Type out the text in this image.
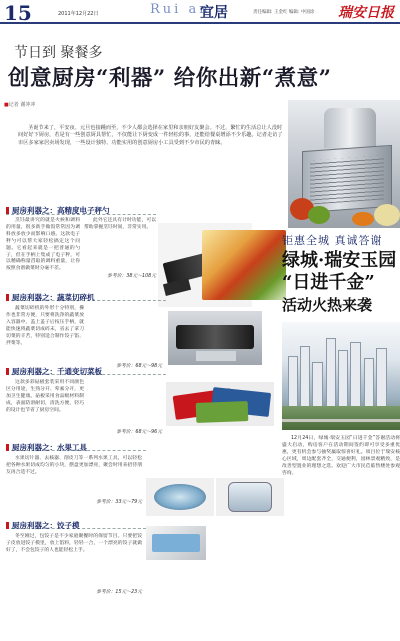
15	2011年12月22日	Rui an
宜居	责任编辑: 王金红 编辑: 中国涂 瑞安日报
节日到 聚餐多
创意厨房“利器” 给你出新“煮意”
■记者 谢冲冲
圣诞节来了，平安夜、元旦也接踵而至，不少人都会选择在家里和亲朋好友聚会。不过，繁忙的生活总让人没时间好好下厨房，若是有一些创意厨具帮忙，不仅能让下厨变成一件轻松的事，还能给餐桌增添不少乐趣。记者走访了市区多家家居卖场发现，一些设计独特、功能实用的创意厨房小工具受到不少市民的青睐。
厨房利器之：高精度电子秤勺
烹饪最讲究的就是火候和调料的用量，很多新手做饭常常因为调料放多放少而影响口感。这款电子秤勺可以帮大家轻松搞定这个问题。它看起来就是一把普通的勺子，但在手柄上集成了电子秤，可以精确称量舀取的调料重量，让你按照食谱做菜时分毫不差。
此外它还具有计时功能，可以帮助掌握烹饪时间，非常实用。
参考价：38元～108元
厨房利器之：蔬菜切碎机
蔬菜切碎机的外形十分特别，操作也非常方便，只要将洗净的蔬菜放入容器中，盖上盖子后按压手柄，就能快速将蔬菜切成碎末，省去了拿刀切菜的辛苦，特别适合制作饺子馅、拌菜等。
参考价：68元～98元
厨房利器之：千通变切菜板
这款多彩砧板套装采用不同颜色区分用途，生熟分开、荤素分开，更加卫生健康。砧板采用食品级材料制成，表面防滑耐切，清洗方便，轻巧的设计也节省了厨房空间。
参考价：68元～96元
厨房利器之：水果工具
水果切片器、去核器、削皮刀等一系列水果工具，可以轻松把各种水果切成均匀的小块，摆盘更加漂亮，聚会时用来招待朋友再合适不过。
参考价：33元～79元
厨房利器之：饺子模
冬至刚过，包饺子是不少家庭聚餐时的保留节目。只要把饺子皮放进饺子模里，放上馅料，轻轻一合，一个漂亮的饺子就做好了，不会包饺子的人也能轻松上手。
参考价：15元～23元
钜惠全城 真诚答谢
绿城·瑞安玉园
“日进千金”
活动火热来袭
12月24日，绿城·瑞安玉园“日进千金”答谢活动将盛大启动，购房客户在活动期间签约即可享受多重优惠，更有机会参与抽奖赢取惊喜好礼。项目位于瑞安核心区域，周边配套齐全，交通便利，园林景观精致，是改善型置业的理想之选。欢迎广大市民莅临售楼处参观咨询。
